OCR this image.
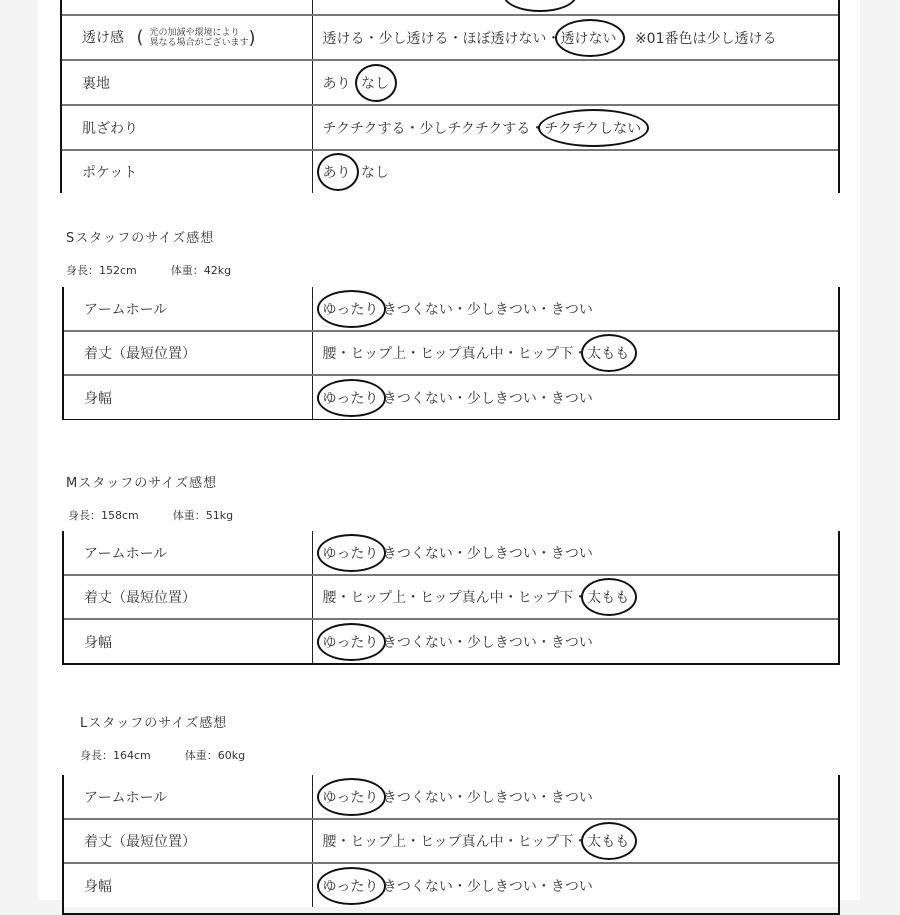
透け感 ( 光の加減や環境により
異なる場合がございます)	透ける・少し透ける・ほぼ透けない・透けない ※01番色は少し透ける
裏地	あり なし
肌ざわり	チクチクする・少しチクチクする・チクチクしない
ポケット	あり なし
Sスタッフのサイズ感想
身長：152cm	体重：42kg
アームホール	ゆったり きつくない・少しきつい・きつい
着丈（最短位置）	腰・ヒップ上・ヒップ真ん中・ヒップ下・太もも
身幅	ゆったり きつくない・少しきつい・きつい
Mスタッフのサイズ感想
身長：158cm	体重：51kg
アームホール	ゆったり きつくない・少しきつい・きつい
着丈（最短位置）	腰・ヒップ上・ヒップ真ん中・ヒップ下・太もも
身幅	ゆったり きつくない・少しきつい・きつい
Lスタッフのサイズ感想
身長：164cm	体重：60kg
アームホール	ゆったり きつくない・少しきつい・きつい
着丈（最短位置）	腰・ヒップ上・ヒップ真ん中・ヒップ下・太もも
身幅	ゆったり きつくない・少しきつい・きつい
